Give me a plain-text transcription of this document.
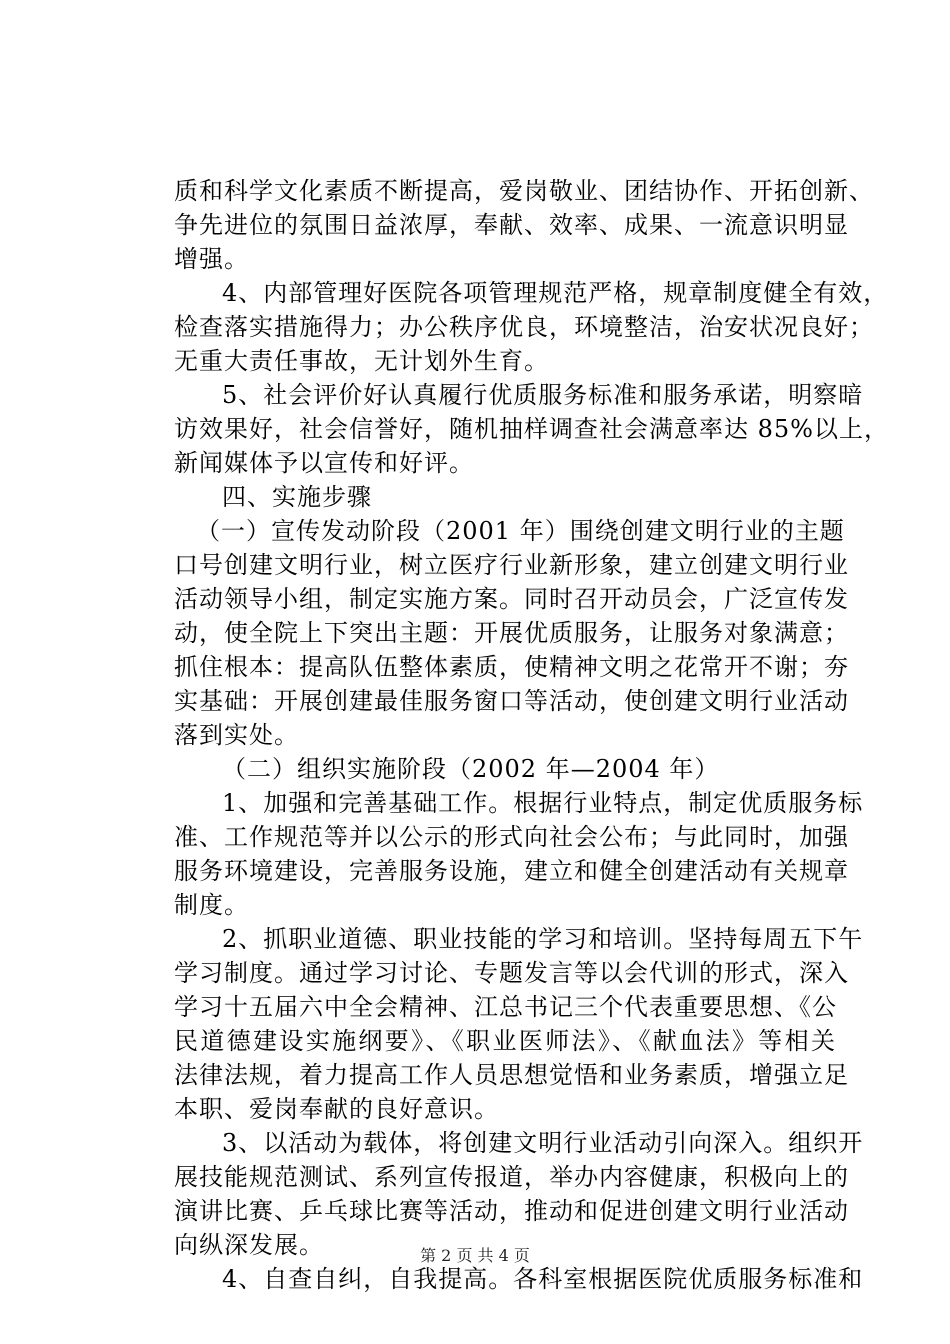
质和科学文化素质不断提高，爱岗敬业、团结协作、开拓创新、
争先进位的氛围日益浓厚，奉献、效率、成果、一流意识明显
增强。
4、内部管理好医院各项管理规范严格，规章制度健全有效，
检查落实措施得力；办公秩序优良，环境整洁，治安状况良好；
无重大责任事故，无计划外生育。
5、社会评价好认真履行优质服务标准和服务承诺，明察暗
访效果好，社会信誉好，随机抽样调查社会满意率达 85%以上，
新闻媒体予以宣传和好评。
四、实施步骤
（一）宣传发动阶段（2001 年）围绕创建文明行业的主题
口号创建文明行业，树立医疗行业新形象，建立创建文明行业
活动领导小组，制定实施方案。同时召开动员会，广泛宣传发
动，使全院上下突出主题：开展优质服务，让服务对象满意；
抓住根本：提高队伍整体素质，使精神文明之花常开不谢；夯
实基础：开展创建最佳服务窗口等活动，使创建文明行业活动
落到实处。
（二）组织实施阶段（2002 年—2004 年）
1、加强和完善基础工作。根据行业特点，制定优质服务标
准、工作规范等并以公示的形式向社会公布；与此同时，加强
服务环境建设，完善服务设施，建立和健全创建活动有关规章
制度。
2、抓职业道德、职业技能的学习和培训。坚持每周五下午
学习制度。通过学习讨论、专题发言等以会代训的形式，深入
学习十五届六中全会精神、江总书记三个代表重要思想、《公
民道德建设实施纲要》、《职业医师法》、《献血法》等相关
法律法规，着力提高工作人员思想觉悟和业务素质，增强立足
本职、爱岗奉献的良好意识。
3、以活动为载体，将创建文明行业活动引向深入。组织开
展技能规范测试、系列宣传报道，举办内容健康，积极向上的
演讲比赛、乒乓球比赛等活动，推动和促进创建文明行业活动
向纵深发展。
4、自查自纠，自我提高。各科室根据医院优质服务标准和
第 2 页 共 4 页
